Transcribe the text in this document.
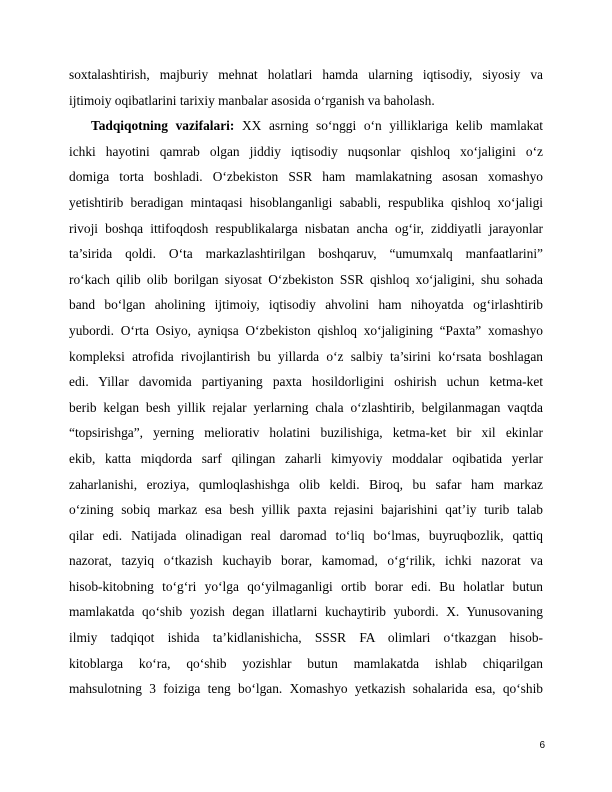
soxtalashtirish, majburiy mehnat holatlari hamda ularning iqtisodiy, siyosiy va
ijtimoiy oqibatlarini tarixiy manbalar asosida o‘rganish va baholash.
Tadqiqotning vazifalari: XX asrning so‘nggi o‘n yilliklariga kelib mamlakat
ichki hayotini qamrab olgan jiddiy iqtisodiy nuqsonlar qishloq xo‘jaligini o‘z
domiga torta boshladi. O‘zbekiston SSR ham mamlakatning asosan xomashyo
yetishtirib beradigan mintaqasi hisoblanganligi sababli, respublika qishloq xo‘jaligi
rivoji boshqa ittifoqdosh respublikalarga nisbatan ancha og‘ir, ziddiyatli jarayonlar
ta’sirida qoldi. O‘ta markazlashtirilgan boshqaruv, “umumxalq manfaatlarini”
ro‘kach qilib olib borilgan siyosat O‘zbekiston SSR qishloq xo‘jaligini, shu sohada
band bo‘lgan aholining ijtimoiy, iqtisodiy ahvolini ham nihoyatda og‘irlashtirib
yubordi. O‘rta Osiyo, ayniqsa O‘zbekiston qishloq xo‘jaligining “Paxta” xomashyo
kompleksi atrofida rivojlantirish bu yillarda o‘z salbiy ta’sirini ko‘rsata boshlagan
edi. Yillar davomida partiyaning paxta hosildorligini oshirish uchun ketma-ket
berib kelgan besh yillik rejalar yerlarning chala o‘zlashtirib, belgilanmagan vaqtda
“topsirishga”, yerning meliorativ holatini buzilishiga, ketma-ket bir xil ekinlar
ekib, katta miqdorda sarf qilingan zaharli kimyoviy moddalar oqibatida yerlar
zaharlanishi, eroziya, qumloqlashishga olib keldi. Biroq, bu safar ham markaz
o‘zining sobiq markaz esa besh yillik paxta rejasini bajarishini qat’iy turib talab
qilar edi. Natijada olinadigan real daromad to‘liq bo‘lmas, buyruqbozlik, qattiq
nazorat, tazyiq o‘tkazish kuchayib borar, kamomad, o‘g‘rilik, ichki nazorat va
hisob-kitobning to‘g‘ri yo‘lga qo‘yilmaganligi ortib borar edi. Bu holatlar butun
mamlakatda qo‘shib yozish degan illatlarni kuchaytirib yubordi. X. Yunusovaning
ilmiy tadqiqot ishida ta’kidlanishicha, SSSR FA olimlari o‘tkazgan hisob-
kitoblarga ko‘ra, qo‘shib yozishlar butun mamlakatda ishlab chiqarilgan
mahsulotning 3 foiziga teng bo‘lgan. Xomashyo yetkazish sohalarida esa, qo‘shib
6
